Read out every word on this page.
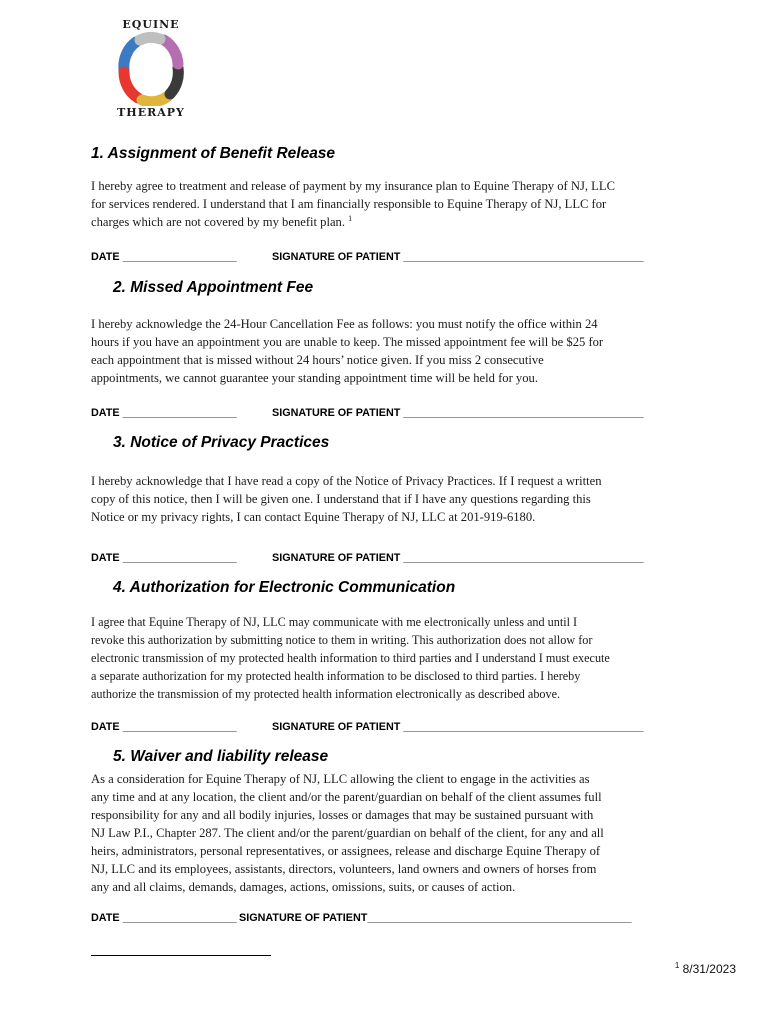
EQUINE
THERAPY
1. Assignment of Benefit Release
I hereby agree to treatment and release of payment by my insurance plan to Equine Therapy of NJ, LLC
for services rendered. I understand that I am financially responsible to Equine Therapy of NJ, LLC for
charges which are not covered by my benefit plan. $^1$
DATE ___________________	SIGNATURE OF PATIENT ________________________________________
2. Missed Appointment Fee
I hereby acknowledge the 24-Hour Cancellation Fee as follows: you must notify the office within 24
hours if you have an appointment you are unable to keep. The missed appointment fee will be $25 for
each appointment that is missed without 24 hours’ notice given. If you miss 2 consecutive
appointments, we cannot guarantee your standing appointment time will be held for you.
DATE ___________________	SIGNATURE OF PATIENT ________________________________________
3. Notice of Privacy Practices
I hereby acknowledge that I have read a copy of the Notice of Privacy Practices. If I request a written
copy of this notice, then I will be given one. I understand that if I have any questions regarding this
Notice or my privacy rights, I can contact Equine Therapy of NJ, LLC at 201-919-6180.
DATE ___________________	SIGNATURE OF PATIENT ________________________________________
4. Authorization for Electronic Communication
I agree that Equine Therapy of NJ, LLC may communicate with me electronically unless and until I
revoke this authorization by submitting notice to them in writing. This authorization does not allow for
electronic transmission of my protected health information to third parties and I understand I must execute
a separate authorization for my protected health information to be disclosed to third parties. I hereby
authorize the transmission of my protected health information electronically as described above.
DATE ___________________	SIGNATURE OF PATIENT ________________________________________
5. Waiver and liability release
As a consideration for Equine Therapy of NJ, LLC allowing the client to engage in the activities as
any time and at any location, the client and/or the parent/guardian on behalf of the client assumes full
responsibility for any and all bodily injuries, losses or damages that may be sustained pursuant with
NJ Law P.I., Chapter 287. The client and/or the parent/guardian on behalf of the client, for any and all
heirs, administrators, personal representatives, or assignees, release and discharge Equine Therapy of
NJ, LLC and its employees, assistants, directors, volunteers, land owners and owners of horses from
any and all claims, demands, damages, actions, omissions, suits, or causes of action.
DATE ___________________ SIGNATURE OF PATIENT____________________________________________
$^1$ 8/31/2023
